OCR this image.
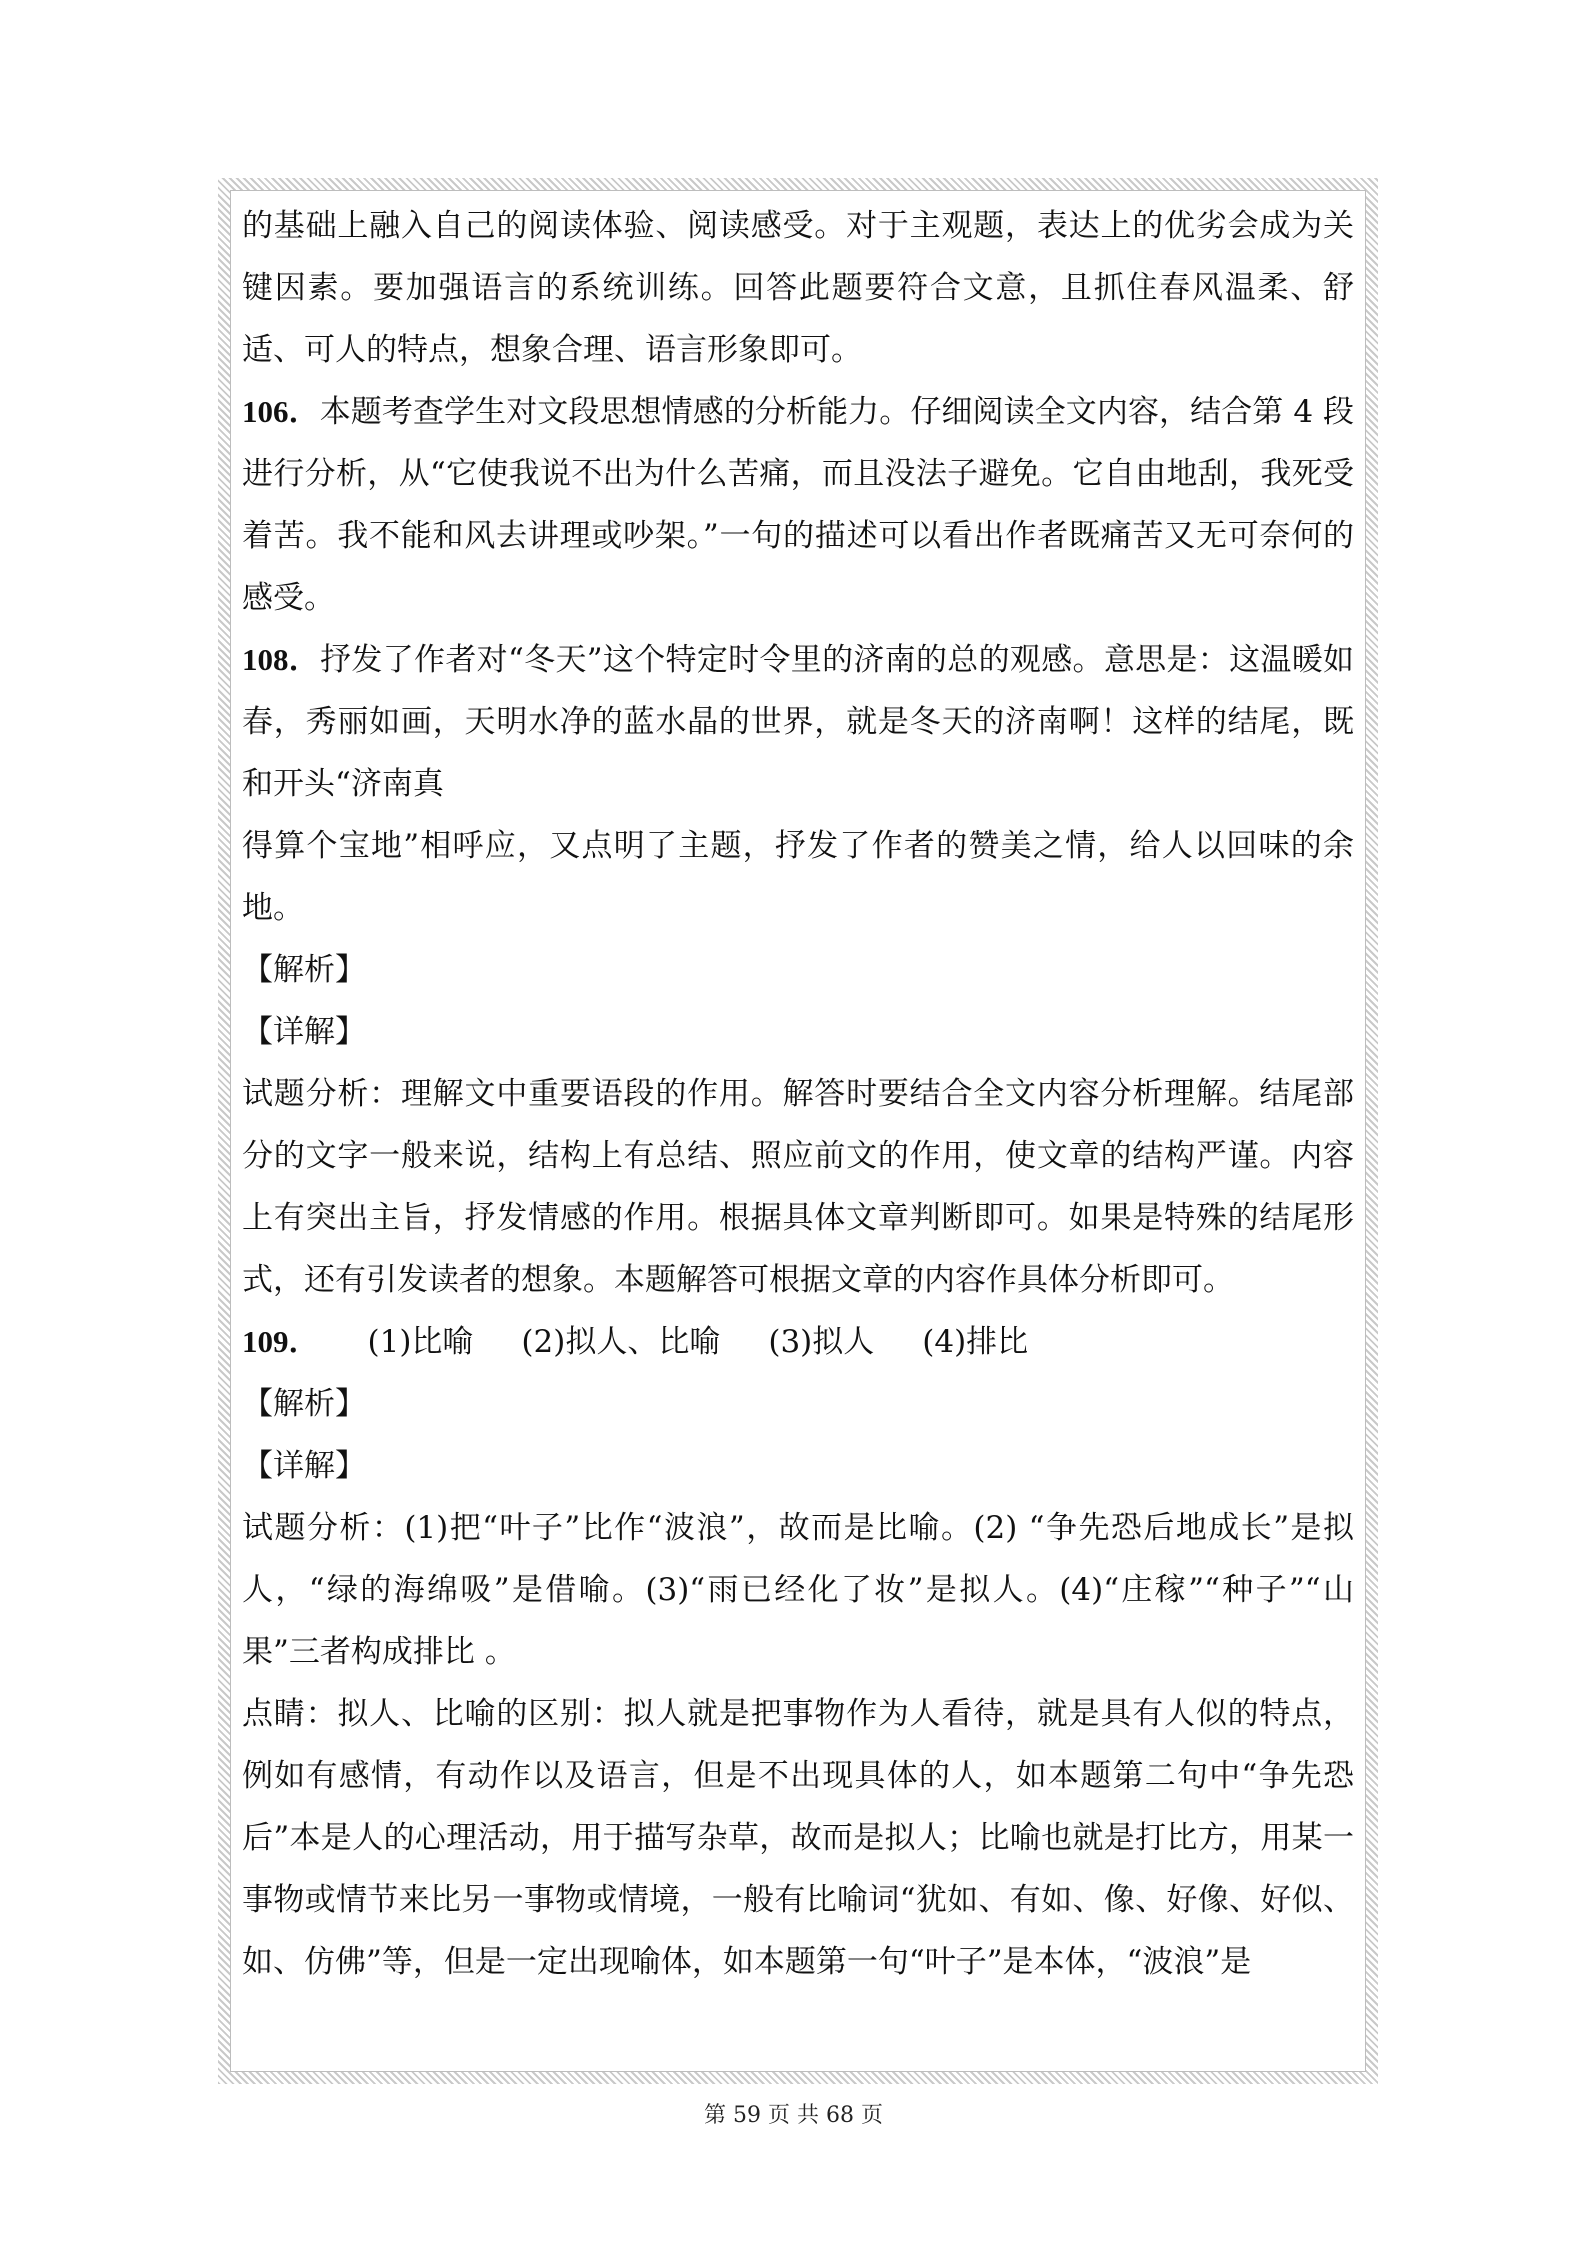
的基础上融入自己的阅读体验、阅读感受。对于主观题，表达上的优劣会成为关键因素。要加强语言的系统训练。回答此题要符合文意，且抓住春风温柔、舒适、可人的特点，想象合理、语言形象即可。

106．本题考查学生对文段思想情感的分析能力。仔细阅读全文内容，结合第 4 段进行分析，从“它使我说不出为什么苦痛，而且没法子避免。它自由地刮，我死受着苦。我不能和风去讲理或吵架。”一句的描述可以看出作者既痛苦又无可奈何的感受。

108．抒发了作者对“冬天”这个特定时令里的济南的总的观感。意思是：这温暖如春，秀丽如画，天明水净的蓝水晶的世界，就是冬天的济南啊！这样的结尾，既和开头“济南真

得算个宝地”相呼应，又点明了主题，抒发了作者的赞美之情，给人以回味的余地。

【解析】

【详解】

试题分析：理解文中重要语段的作用。解答时要结合全文内容分析理解。结尾部分的文字一般来说，结构上有总结、照应前文的作用，使文章的结构严谨。内容上有突出主旨，抒发情感的作用。根据具体文章判断即可。如果是特殊的结尾形式，还有引发读者的想象。本题解答可根据文章的内容作具体分析即可。

109． (1)比喻 (2)拟人、比喻 (3)拟人 (4)排比

【解析】

【详解】

试题分析：(1)把“叶子”比作“波浪”，故而是比喻。(2) “争先恐后地成长”是拟人，“绿的海绵吸”是借喻。(3)“雨已经化了妆”是拟人。(4)“庄稼”“种子”“山果”三者构成排比 。

点睛：拟人、比喻的区别：拟人就是把事物作为人看待，就是具有人似的特点，例如有感情，有动作以及语言，但是不出现具体的人，如本题第二句中“争先恐后”本是人的心理活动，用于描写杂草，故而是拟人；比喻也就是打比方，用某一事物或情节来比另一事物或情境，一般有比喻词“犹如、有如、像、好像、好似、如、仿佛”等，但是一定出现喻体，如本题第一句“叶子”是本体，“波浪”是

第 59 页 共 68 页
